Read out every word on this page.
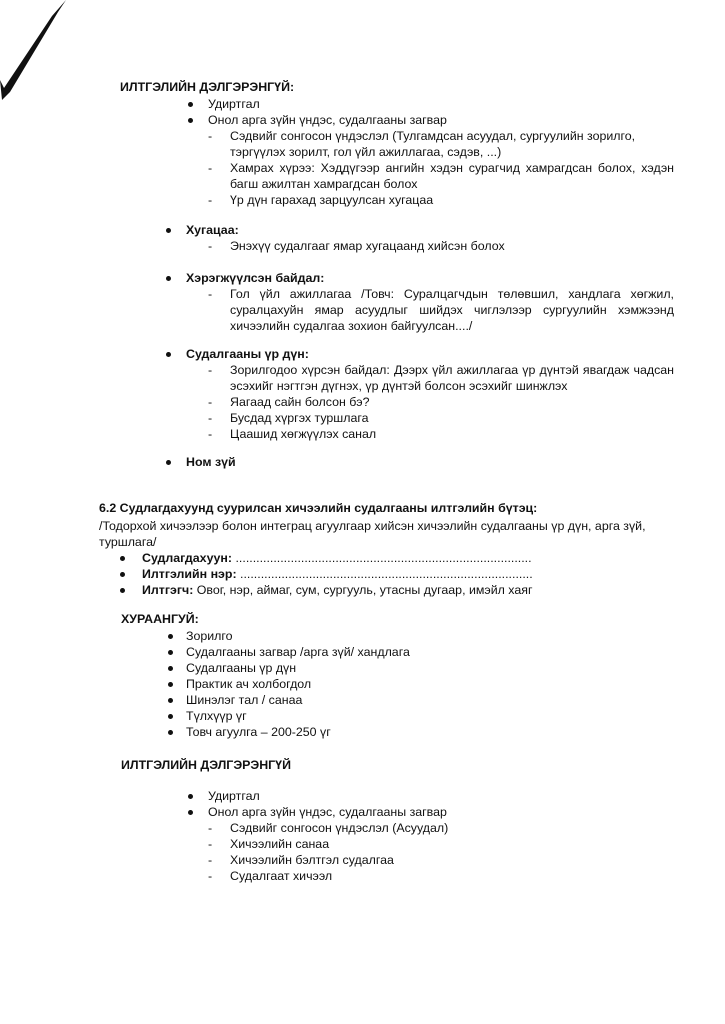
ИЛТГЭЛИЙН ДЭЛГЭРЭНГҮЙ:
Удиртгал
Онол арга зүйн үндэс, судалгааны загвар
- Сэдвийг сонгосон үндэслэл (Тулгамдсан асуудал, сургуулийн зорилго, тэргүүлэх зорилт, гол үйл ажиллагаа, сэдэв, ...)
- Хамрах хүрээ: Хэддүгээр ангийн хэдэн сурагчид хамрагдсан болох, хэдэн багш ажилтан хамрагдсан болох
- Үр дүн гарахад зарцуулсан хугацаа
Хугацаа:
- Энэхүү судалгааг ямар хугацаанд хийсэн болох
Хэрэгжүүлсэн байдал:
- Гол үйл ажиллагаа /Товч: Суралцагчдын төлөвшил, хандлага хөгжил, суралцахуйн ямар асуудлыг шийдэх чиглэлээр сургуулийн хэмжээнд хичээлийн судалгаа зохион байгуулсан..../
Судалгааны үр дүн:
- Зорилгодоо хүрсэн байдал: Дээрх үйл ажиллагаа үр дүнтэй явагдаж чадсан эсэхийг нэгтгэн дүгнэх, үр дүнтэй болсон эсэхийг шинжлэх
- Яагаад сайн болсон бэ?
- Бусдад хүргэх туршлага
- Цаашид хөгжүүлэх санал
Ном зүй
6.2 Судлагдахуунд суурилсан хичээлийн судалгааны илтгэлийн бүтэц:
/Тодорхой хичээлээр болон интеграц агуулгаар хийсэн хичээлийн судалгааны үр дүн, арга зүй, туршлага/
Судлагдахуун: ......................................................................................
Илтгэлийн нэр: .....................................................................................
Илтгэгч: Овог, нэр, аймаг, сум, сургууль, утасны дугаар, имэйл хаяг
ХУРААНГУЙ:
Зорилго
Судалгааны загвар /арга зүй/ хандлага
Судалгааны үр дүн
Практик ач холбогдол
Шинэлэг тал / санаа
Түлхүүр үг
Товч агуулга – 200-250 үг
ИЛТГЭЛИЙН ДЭЛГЭРЭНГҮЙ
Удиртгал
Онол арга зүйн үндэс, судалгааны загвар
- Сэдвийг сонгосон үндэслэл (Асуудал)
- Хичээлийн санаа
- Хичээлийн бэлтгэл судалгаа
- Судалгаат хичээл
